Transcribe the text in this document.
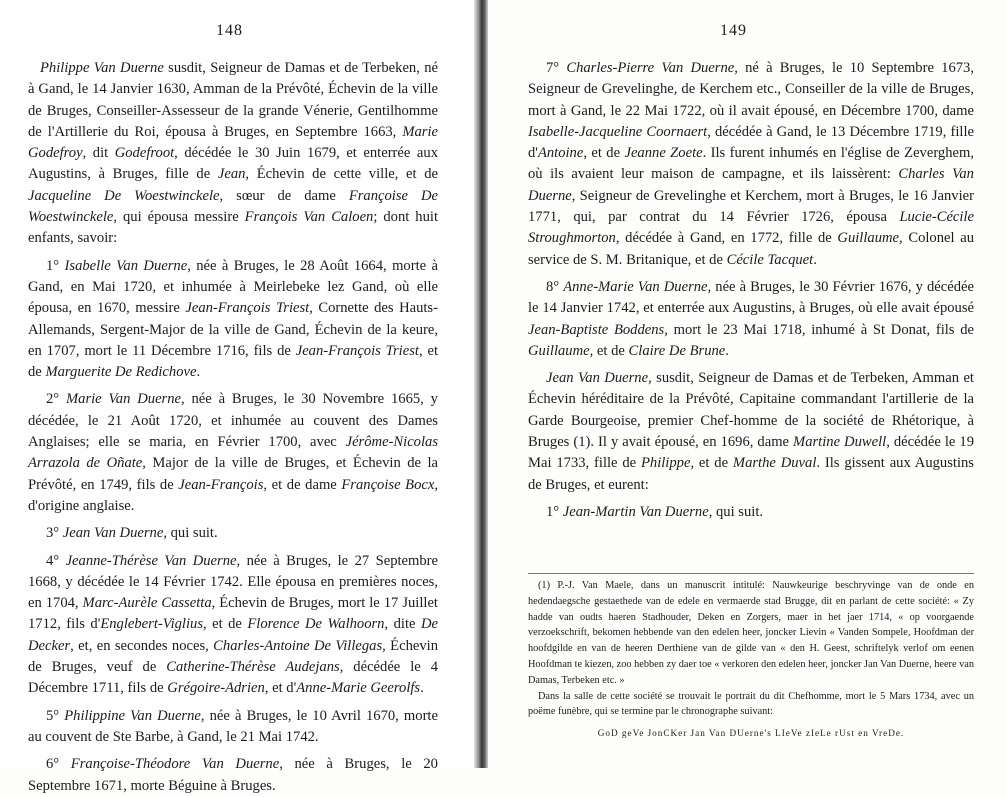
148

Philippe Van Duerne susdit, Seigneur de Damas et de Terbeken, né à Gand, le 14 Janvier 1630, Amman de la Prévôté, Échevin de la ville de Bruges, Conseiller-Assesseur de la grande Vénerie, Gentilhomme de l'Artillerie du Roi, épousa à Bruges, en Septembre 1663, Marie Godefroy, dit Godefroot, décédée le 30 Juin 1679, et enterrée aux Augustins, à Bruges, fille de Jean, Échevin de cette ville, et de Jacqueline De Woestwinckele, sœur de dame Françoise De Woestwinckele, qui épousa messire François Van Caloen; dont huit enfants, savoir:

1° Isabelle Van Duerne, née à Bruges, le 28 Août 1664, morte à Gand, en Mai 1720, et inhumée à Meirlebeke lez Gand, où elle épousa, en 1670, messire Jean-François Triest, Cornette des Hauts-Allemands, Sergent-Major de la ville de Gand, Échevin de la keure, en 1707, mort le 11 Décembre 1716, fils de Jean-François Triest, et de Marguerite De Redichove.

2° Marie Van Duerne, née à Bruges, le 30 Novembre 1665, y décédée, le 21 Août 1720, et inhumée au couvent des Dames Anglaises; elle se maria, en Février 1700, avec Jérôme-Nicolas Arrazola de Oñate, Major de la ville de Bruges, et Échevin de la Prévôté, en 1749, fils de Jean-François, et de dame Françoise Bocx, d'origine anglaise.

3° Jean Van Duerne, qui suit.

4° Jeanne-Thérèse Van Duerne, née à Bruges, le 27 Septembre 1668, y décédée le 14 Février 1742. Elle épousa en premières noces, en 1704, Marc-Aurèle Cassetta, Échevin de Bruges, mort le 17 Juillet 1712, fils d'Englebert-Viglius, et de Florence De Walhoorn, dite De Decker, et, en secondes noces, Charles-Antoine De Villegas, Échevin de Bruges, veuf de Catherine-Thérèse Audejans, décédée le 4 Décembre 1711, fils de Grégoire-Adrien, et d'Anne-Marie Geerolfs.

5° Philippine Van Duerne, née à Bruges, le 10 Avril 1670, morte au couvent de Ste Barbe, à Gand, le 21 Mai 1742.

6° Françoise-Théodore Van Duerne, née à Bruges, le 20 Septembre 1671, morte Béguine à Bruges.

149

7° Charles-Pierre Van Duerne, né à Bruges, le 10 Septembre 1673, Seigneur de Grevelinghe, de Kerchem etc., Conseiller de la ville de Bruges, mort à Gand, le 22 Mai 1722, où il avait épousé, en Décembre 1700, dame Isabelle-Jacqueline Coornaert, décédée à Gand, le 13 Décembre 1719, fille d'Antoine, et de Jeanne Zoete. Ils furent inhumés en l'église de Zeverghem, où ils avaient leur maison de campagne, et ils laissèrent: Charles Van Duerne, Seigneur de Grevelinghe et Kerchem, mort à Bruges, le 16 Janvier 1771, qui, par contrat du 14 Février 1726, épousa Lucie-Cécile Stroughmorton, décédée à Gand, en 1772, fille de Guillaume, Colonel au service de S. M. Britanique, et de Cécile Tacquet.

8° Anne-Marie Van Duerne, née à Bruges, le 30 Février 1676, y décédée le 14 Janvier 1742, et enterrée aux Augustins, à Bruges, où elle avait épousé Jean-Baptiste Boddens, mort le 23 Mai 1718, inhumé à St Donat, fils de Guillaume, et de Claire De Brune.

Jean Van Duerne, susdit, Seigneur de Damas et de Terbeken, Amman et Échevin héréditaire de la Prévôté, Capitaine commandant l'artillerie de la Garde Bourgeoise, premier Chef-homme de la société de Rhétorique, à Bruges (1). Il y avait épousé, en 1696, dame Martine Duwell, décédée le 19 Mai 1733, fille de Philippe, et de Marthe Duval. Ils gissent aux Augustins de Bruges, et eurent:

1° Jean-Martin Van Duerne, qui suit.

(1) P.-J. Van Maele, dans un manuscrit intitulé: Nauwkeurige beschryvinge van de onde en hedendaegsche gestaethede van de edele en vermaerde stad Brugge, dit en parlant de cette société: « Zy hadde van oudts haeren Stadhouder, Deken en Zorgers, maer in het jaer 1714, « op voorgaende verzoekschrift, bekomen hebbende van den edelen heer, joncker Lievin « Vanden Sompele, Hoofdman der hoofdgilde en van de heeren Derthiene van de gilde van « den H. Geest, schriftelyk verlof om eenen Hoofdman te kiezen, zoo hebben zy daer toe « verkoren den edelen heer, joncker Jan Van Duerne, heere van Damas, Terbeken etc. »

Dans la salle de cette société se trouvait le portrait du dit Chefhomme, mort le 5 Mars 1734, avec un poëme funèbre, qui se termine par le chronographe suivant:

GoD geVe JonCKer Jan Van DUerne's LIeVe zIeLe rUst en VreDe.
